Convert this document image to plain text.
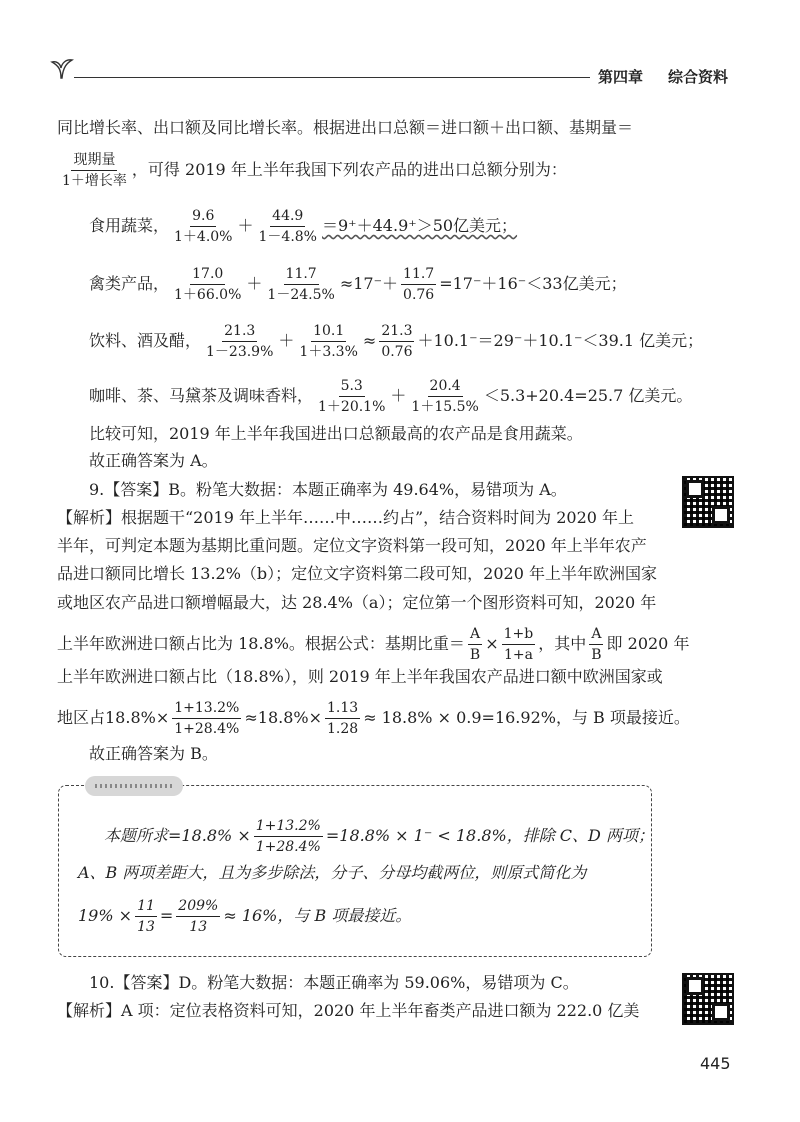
第四章 综合资料
同比增长率、出口额及同比增长率。根据进出口总额＝进口额＋出口额、基期量＝
$\frac{\text{现期量}}{\text{1＋增长率}}$ ，可得 2019 年上半年我国下列农产品的进出口总额分别为：
食用蔬菜， $\frac{9.6}{1+4.0\%} + \frac{44.9}{1-4.8\%} =9^++44.9^+>50$亿美元；
禽类产品， $\frac{17.0}{1+66.0\%} + \frac{11.7}{1-24.5\%} \approx 17^-+ \frac{11.7}{0.76} =17^-+16^-<33$亿美元；
饮料、酒及醋， $\frac{21.3}{1-23.9\%} + \frac{10.1}{1+3.3\%} \approx \frac{21.3}{0.76} +10.1^-=29^-+10.1^-<39.1$ 亿美元；
咖啡、茶、马黛茶及调味香料， $\frac{5.3}{1+20.1\%} + \frac{20.4}{1+15.5\%} <5.3+20.4=25.7$ 亿美元。
比较可知，2019 年上半年我国进出口总额最高的农产品是食用蔬菜。
故正确答案为 A。
9.【答案】B。粉笔大数据：本题正确率为 49.64%，易错项为 A。
【解析】根据题干“2019 年上半年……中……约占”，结合资料时间为 2020 年上
半年，可判定本题为基期比重问题。定位文字资料第一段可知，2020 年上半年农产
品进口额同比增长 13.2%（b）；定位文字资料第二段可知，2020 年上半年欧洲国家
或地区农产品进口额增幅最大，达 28.4%（a）；定位第一个图形资料可知，2020 年
上半年欧洲进口额占比为 18.8%。根据公式：基期比重＝ $\frac{A}{B} \times \frac{1+b}{1+a}$ ，其中 $\frac{A}{B}$ 即 2020 年
上半年欧洲进口额占比（18.8%），则 2019 年上半年我国农产品进口额中欧洲国家或
地区占$18.8\%\times \frac{1+13.2\%}{1+28.4\%} \approx 18.8\%\times \frac{1.13}{1.28} \approx 18.8\% \times 0.9=16.92\%$，与 B 项最接近。
故正确答案为 B。
本题所求$=18.8\% \times \frac{1+13.2\%}{1+28.4\%} =18.8\% \times 1^- < 18.8\%$，排除 C、D 两项；
A、B 两项差距大，且为多步除法，分子、分母均截两位，则原式简化为
$19\% \times \frac{11}{13} = \frac{209\%}{13} \approx 16\%$，与 B 项最接近。
10.【答案】D。粉笔大数据：本题正确率为 59.06%，易错项为 C。
【解析】A 项：定位表格资料可知，2020 年上半年畜类产品进口额为 222.0 亿美
445
